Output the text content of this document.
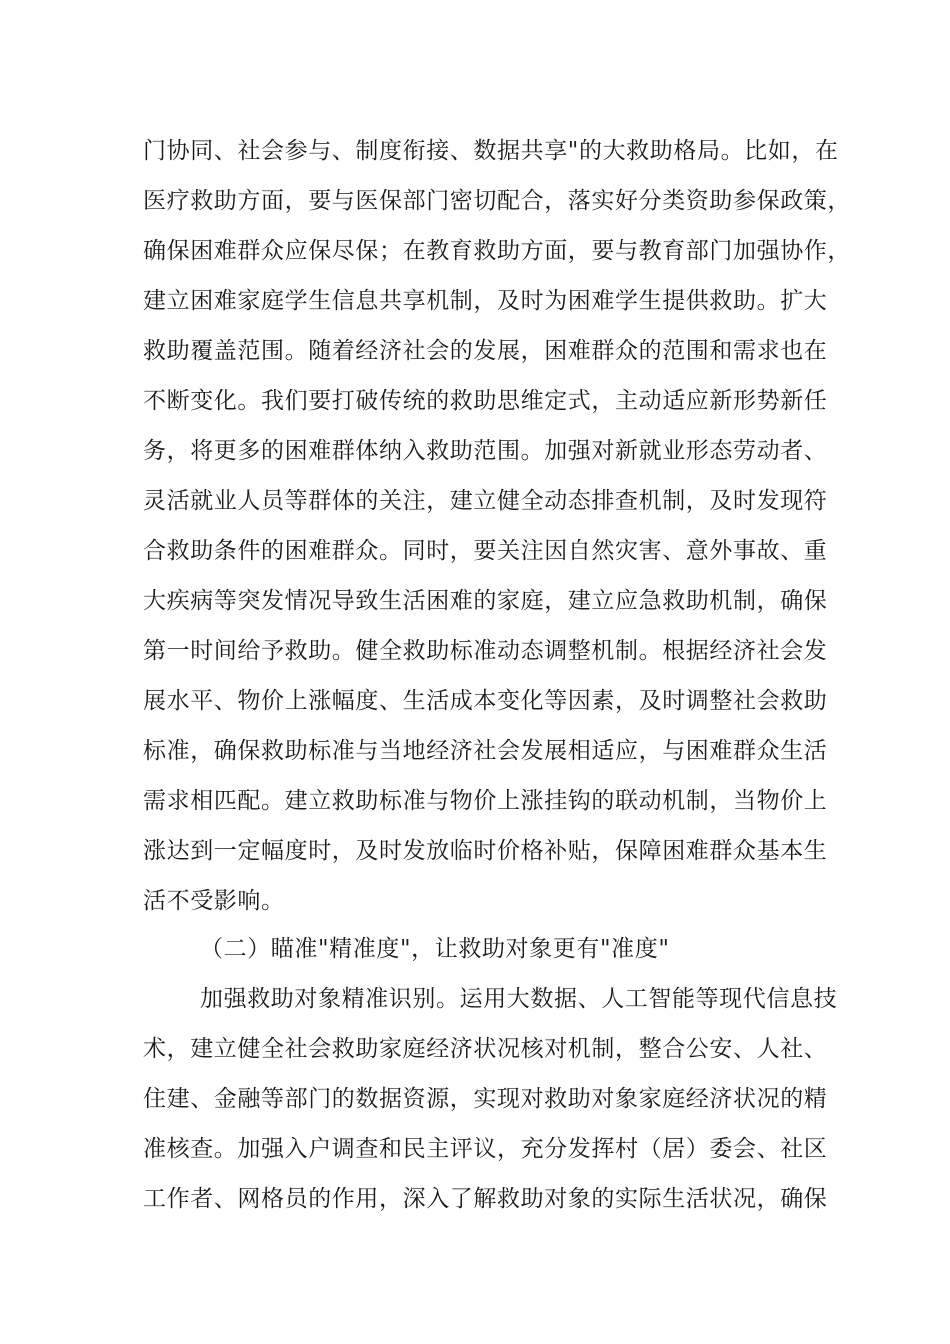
门协同、社会参与、制度衔接、数据共享"的大救助格局。比如，在
医疗救助方面，要与医保部门密切配合，落实好分类资助参保政策，
确保困难群众应保尽保；在教育救助方面，要与教育部门加强协作，
建立困难家庭学生信息共享机制，及时为困难学生提供救助。扩大
救助覆盖范围。随着经济社会的发展，困难群众的范围和需求也在
不断变化。我们要打破传统的救助思维定式，主动适应新形势新任
务，将更多的困难群体纳入救助范围。加强对新就业形态劳动者、
灵活就业人员等群体的关注，建立健全动态排查机制，及时发现符
合救助条件的困难群众。同时，要关注因自然灾害、意外事故、重
大疾病等突发情况导致生活困难的家庭，建立应急救助机制，确保
第一时间给予救助。健全救助标准动态调整机制。根据经济社会发
展水平、物价上涨幅度、生活成本变化等因素，及时调整社会救助
标准，确保救助标准与当地经济社会发展相适应，与困难群众生活
需求相匹配。建立救助标准与物价上涨挂钩的联动机制，当物价上
涨达到一定幅度时，及时发放临时价格补贴，保障困难群众基本生
活不受影响。
（二）瞄准"精准度"，让救助对象更有"准度"
加强救助对象精准识别。运用大数据、人工智能等现代信息技
术，建立健全社会救助家庭经济状况核对机制，整合公安、人社、
住建、金融等部门的数据资源，实现对救助对象家庭经济状况的精
准核查。加强入户调查和民主评议，充分发挥村（居）委会、社区
工作者、网格员的作用，深入了解救助对象的实际生活状况，确保
